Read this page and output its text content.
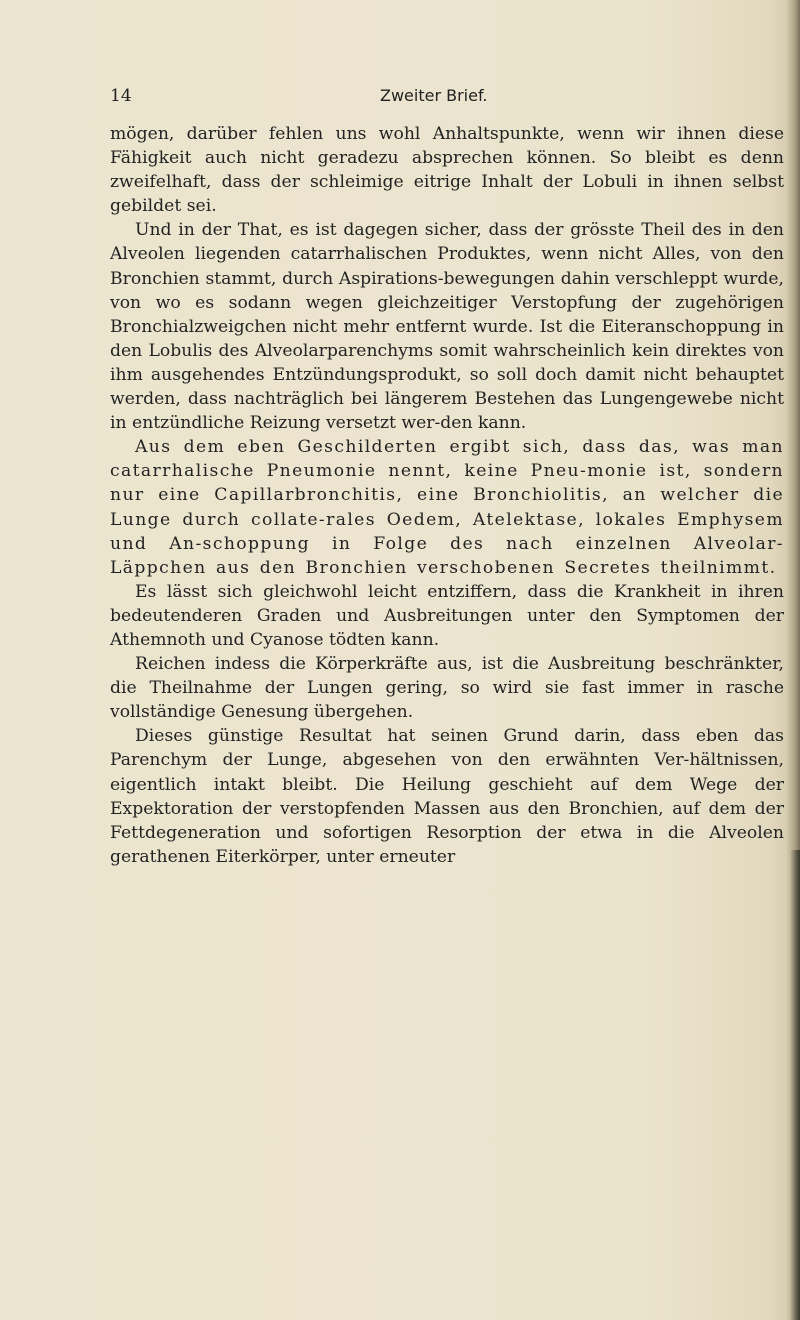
14	Zweiter Brief.

mögen, darüber fehlen uns wohl Anhaltspunkte, wenn wir ihnen diese Fähigkeit auch nicht geradezu absprechen können. So bleibt es denn zweifelhaft, dass der schleimige eitrige Inhalt der Lobuli in ihnen selbst gebildet sei.

Und in der That, es ist dagegen sicher, dass der grösste Theil des in den Alveolen liegenden catarrhalischen Produktes, wenn nicht Alles, von den Bronchien stammt, durch Aspirations-bewegungen dahin verschleppt wurde, von wo es sodann wegen gleichzeitiger Verstopfung der zugehörigen Bronchialzweigchen nicht mehr entfernt wurde. Ist die Eiteranschoppung in den Lobulis des Alveolarparenchyms somit wahrscheinlich kein direktes von ihm ausgehendes Entzündungsprodukt, so soll doch damit nicht behauptet werden, dass nachträglich bei längerem Bestehen das Lungengewebe nicht in entzündliche Reizung versetzt wer-den kann.

Aus dem eben Geschilderten ergibt sich, dass das, was man catarrhalische Pneumonie nennt, keine Pneu-monie ist, sondern nur eine Capillarbronchitis, eine Bronchiolitis, an welcher die Lunge durch collate-rales Oedem, Atelektase, lokales Emphysem und An-schoppung in Folge des nach einzelnen Alveolar-Läppchen aus den Bronchien verschobenen Secretes theilnimmt.

Es lässt sich gleichwohl leicht entziffern, dass die Krankheit in ihren bedeutenderen Graden und Ausbreitungen unter den Symptomen der Athemnoth und Cyanose tödten kann.

Reichen indess die Körperkräfte aus, ist die Ausbreitung beschränkter, die Theilnahme der Lungen gering, so wird sie fast immer in rasche vollständige Genesung übergehen.

Dieses günstige Resultat hat seinen Grund darin, dass eben das Parenchym der Lunge, abgesehen von den erwähnten Ver-hältnissen, eigentlich intakt bleibt. Die Heilung geschieht auf dem Wege der Expektoration der verstopfenden Massen aus den Bronchien, auf dem der Fettdegeneration und sofortigen Resorption der etwa in die Alveolen gerathenen Eiterkörper, unter erneuter
